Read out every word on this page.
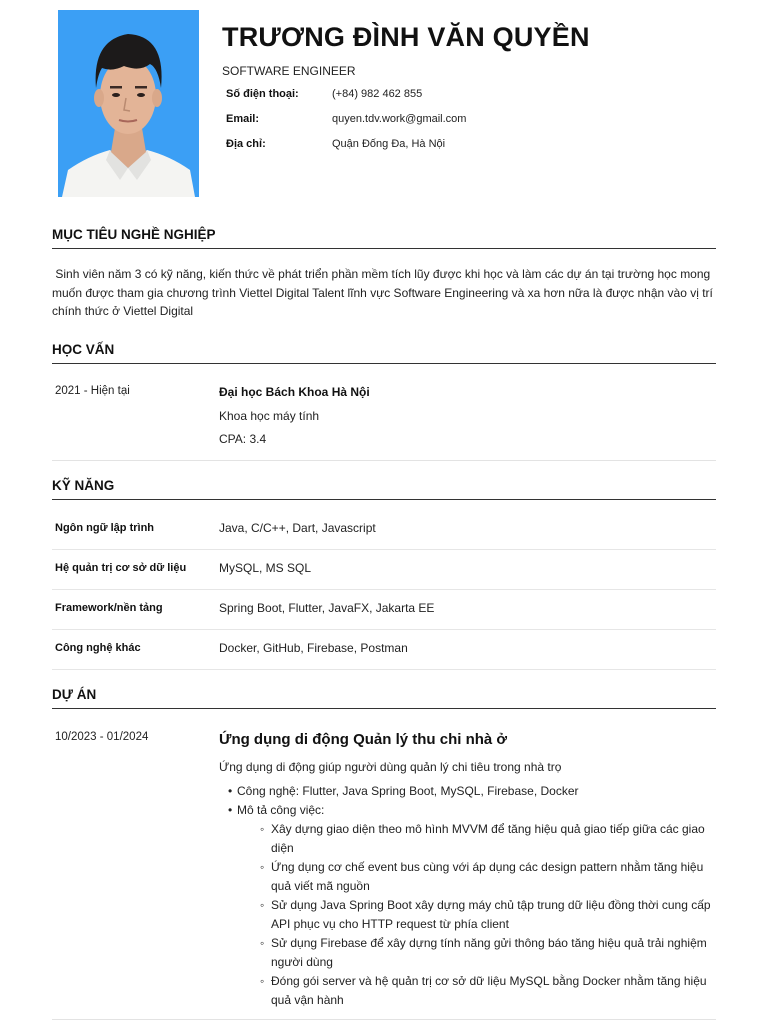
TRƯƠNG ĐÌNH VĂN QUYỀN
SOFTWARE ENGINEER
Số điện thoại:	(+84) 982 462 855
Email:	quyen.tdv.work@gmail.com
Địa chỉ:	Quận Đống Đa, Hà Nội
MỤC TIÊU NGHỀ NGHIỆP
Sinh viên năm 3 có kỹ năng, kiến thức về phát triển phần mềm tích lũy được khi học và làm các dự án tại trường học mong muốn được tham gia chương trình Viettel Digital Talent lĩnh vực Software Engineering và xa hơn nữa là được nhận vào vị trí chính thức ở Viettel Digital
HỌC VẤN
2021 - Hiện tại	Đại học Bách Khoa Hà Nội
Khoa học máy tính
CPA: 3.4
KỸ NĂNG
Ngôn ngữ lập trình	Java, C/C++, Dart, Javascript
Hệ quản trị cơ sở dữ liệu	MySQL, MS SQL
Framework/nền tảng	Spring Boot, Flutter, JavaFX, Jakarta EE
Công nghệ khác	Docker, GitHub, Firebase, Postman
DỰ ÁN
10/2023 - 01/2024	Ứng dụng di động Quản lý thu chi nhà ở
Ứng dụng di động giúp người dùng quản lý chi tiêu trong nhà trọ
• Công nghệ: Flutter, Java Spring Boot, MySQL, Firebase, Docker
• Mô tả công việc:
◦ Xây dựng giao diện theo mô hình MVVM để tăng hiệu quả giao tiếp giữa các giao diện
◦ Ứng dụng cơ chế event bus cùng với áp dụng các design pattern nhằm tăng hiệu quả viết mã nguồn
◦ Sử dụng Java Spring Boot xây dựng máy chủ tập trung dữ liệu đồng thời cung cấp API phục vụ cho HTTP request từ phía client
◦ Sử dụng Firebase để xây dựng tính năng gửi thông báo tăng hiệu quả trải nghiệm người dùng
◦ Đóng gói server và hệ quản trị cơ sở dữ liệu MySQL bằng Docker nhằm tăng hiệu quả vận hành
